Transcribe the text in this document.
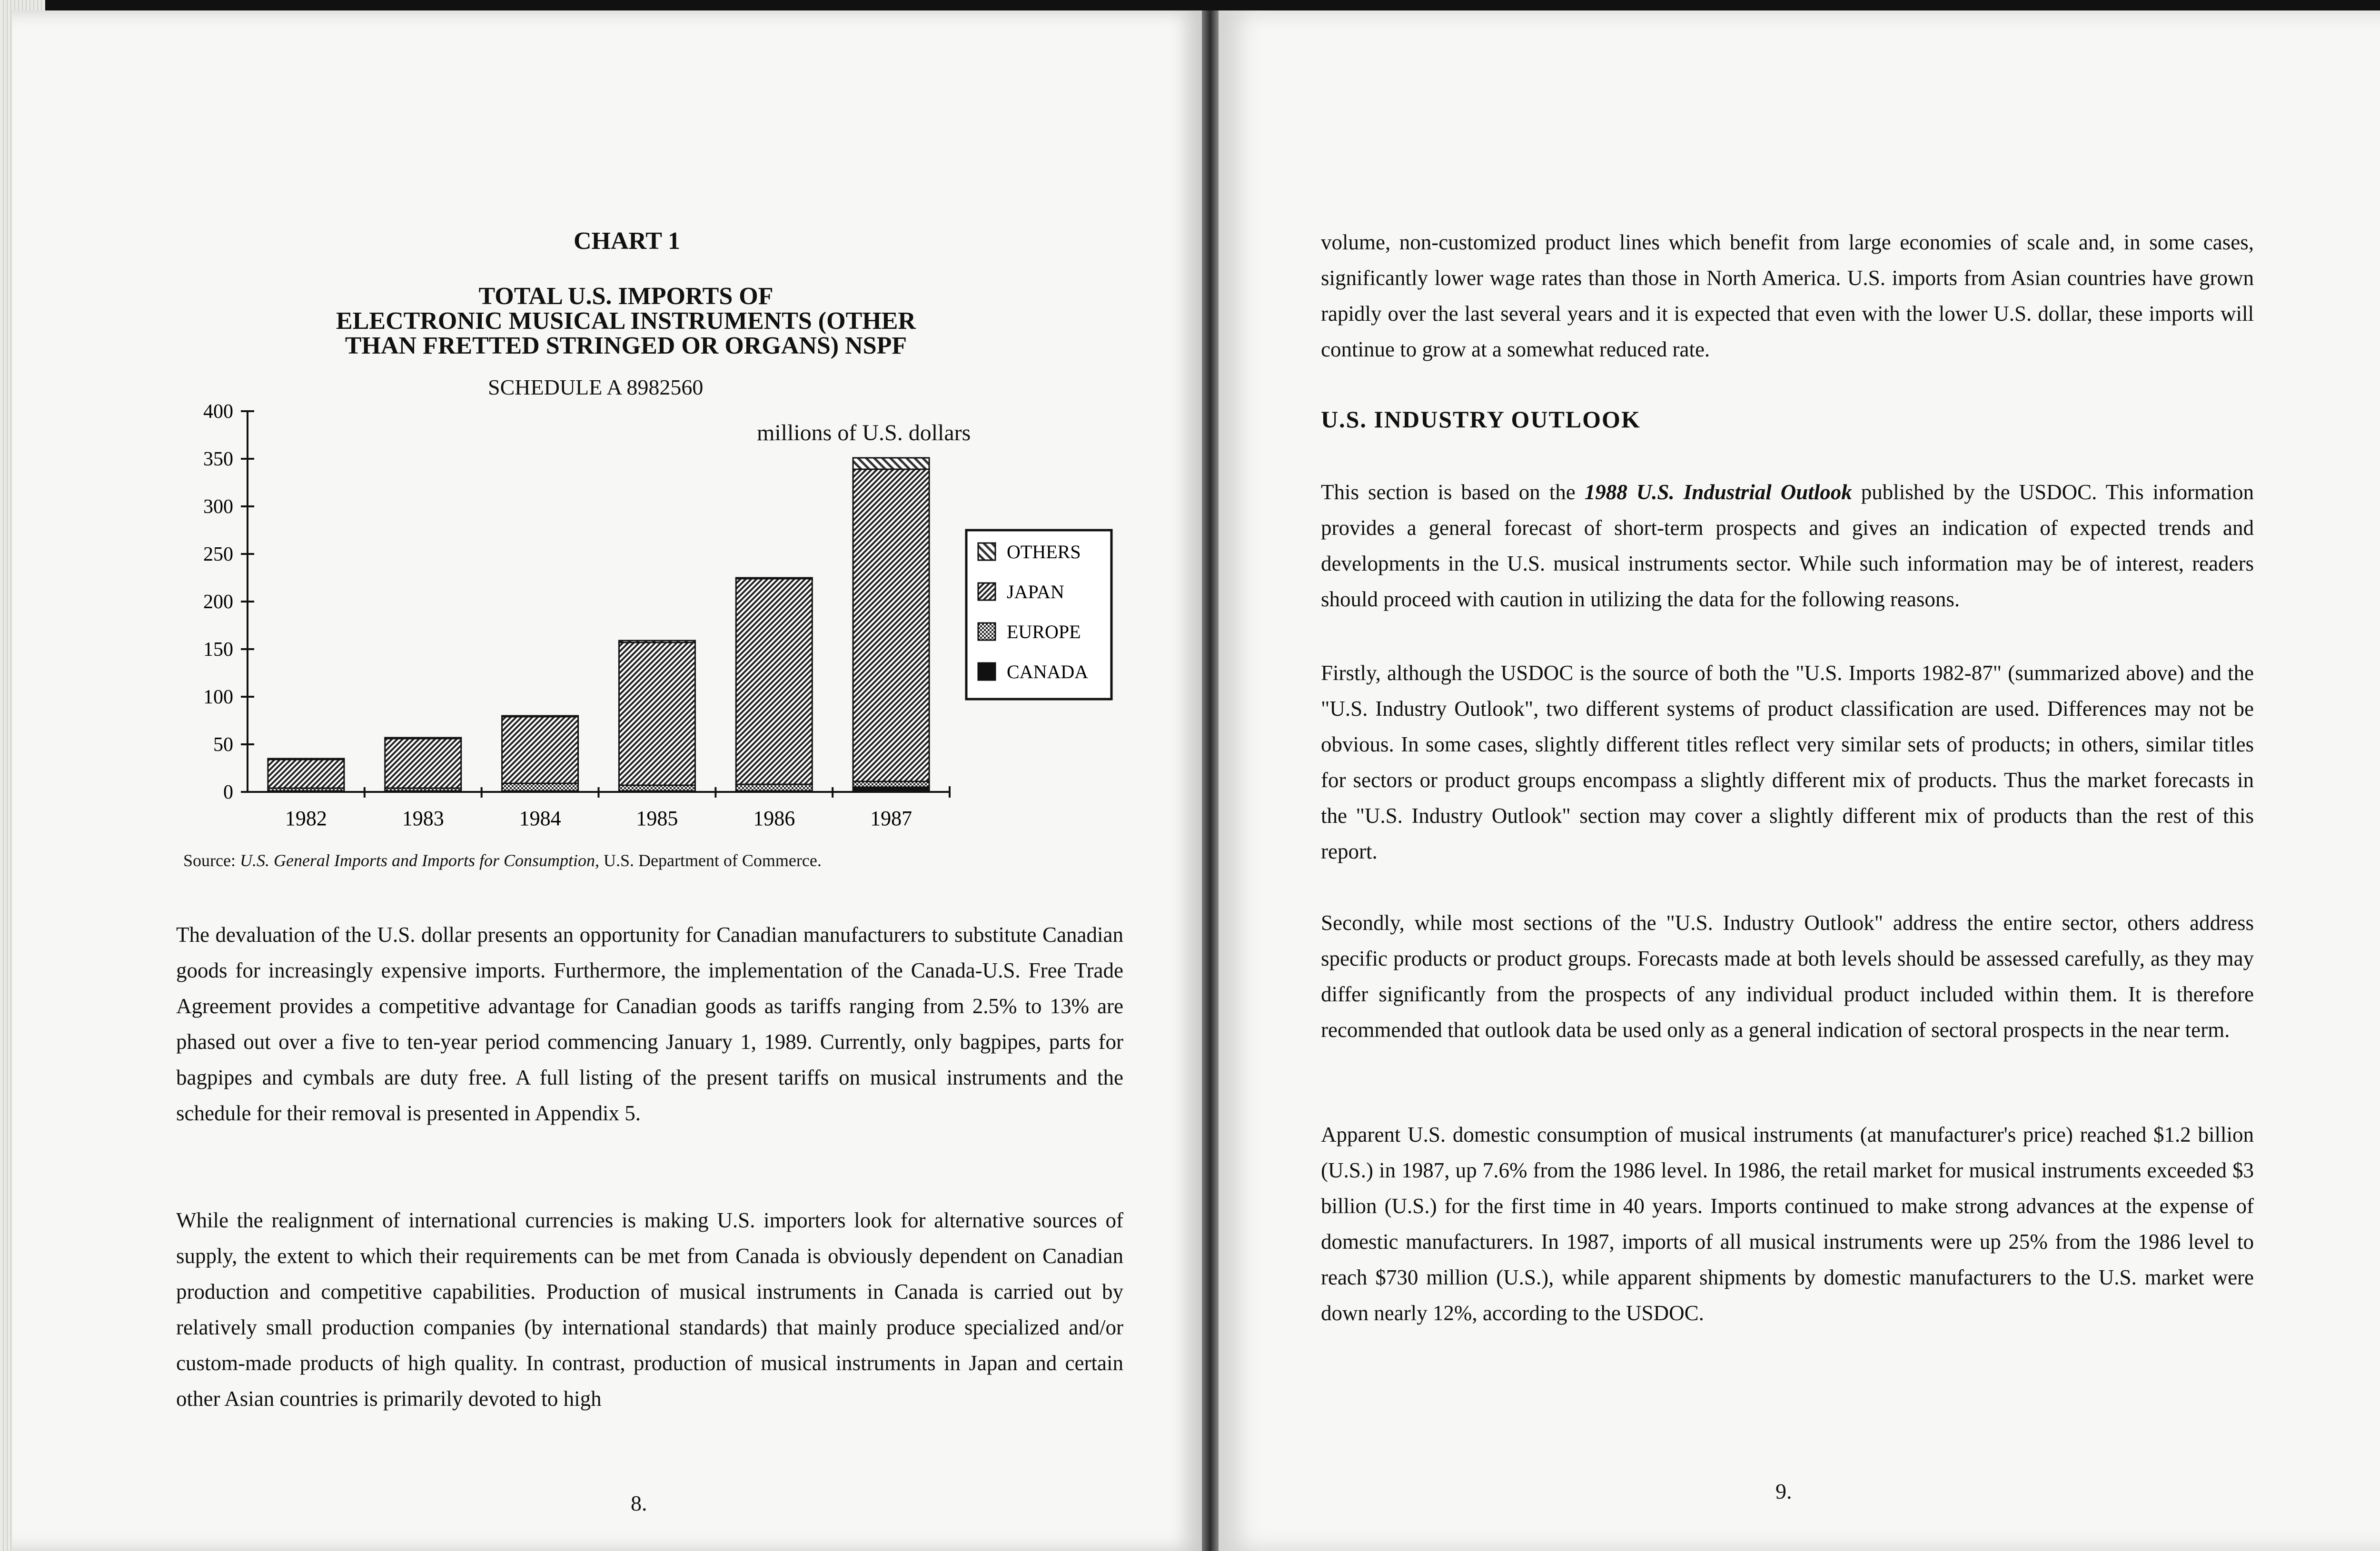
CHART 1
TOTAL U.S. IMPORTS OF
ELECTRONIC MUSICAL INSTRUMENTS (OTHER
THAN FRETTED STRINGED OR ORGANS) NSPF
SCHEDULE A 8982560
millions of U.S. dollars
0
50
100
150
200
250
300
350
400
1982	1983	1984	1985	1986	1987
OTHERS
JAPAN
EUROPE
CANADA
Source: U.S. General Imports and Imports for Consumption, U.S. Department of Commerce.

The devaluation of the U.S. dollar presents an opportunity for Canadian manufacturers to substitute Canadian goods for increasingly expensive imports. Furthermore, the implementation of the Canada-U.S. Free Trade Agreement provides a competitive advantage for Canadian goods as tariffs ranging from 2.5% to 13% are phased out over a five to ten-year period commencing January 1, 1989. Currently, only bagpipes, parts for bagpipes and cymbals are duty free. A full listing of the present tariffs on musical instruments and the schedule for their removal is presented in Appendix 5.

While the realignment of international currencies is making U.S. importers look for alternative sources of supply, the extent to which their requirements can be met from Canada is obviously dependent on Canadian production and competitive capabilities. Production of musical instruments in Canada is carried out by relatively small production companies (by international standards) that mainly produce specialized and/or custom-made products of high quality. In contrast, production of musical instruments in Japan and certain other Asian countries is primarily devoted to high

8.

volume, non-customized product lines which benefit from large economies of scale and, in some cases, significantly lower wage rates than those in North America. U.S. imports from Asian countries have grown rapidly over the last several years and it is expected that even with the lower U.S. dollar, these imports will continue to grow at a somewhat reduced rate.

U.S. INDUSTRY OUTLOOK

This section is based on the 1988 U.S. Industrial Outlook published by the USDOC. This information provides a general forecast of short-term prospects and gives an indication of expected trends and developments in the U.S. musical instruments sector. While such information may be of interest, readers should proceed with caution in utilizing the data for the following reasons.

Firstly, although the USDOC is the source of both the "U.S. Imports 1982-87" (summarized above) and the "U.S. Industry Outlook", two different systems of product classification are used. Differences may not be obvious. In some cases, slightly different titles reflect very similar sets of products; in others, similar titles for sectors or product groups encompass a slightly different mix of products. Thus the market forecasts in the "U.S. Industry Outlook" section may cover a slightly different mix of products than the rest of this report.

Secondly, while most sections of the "U.S. Industry Outlook" address the entire sector, others address specific products or product groups. Forecasts made at both levels should be assessed carefully, as they may differ significantly from the prospects of any individual product included within them. It is therefore recommended that outlook data be used only as a general indication of sectoral prospects in the near term.

Apparent U.S. domestic consumption of musical instruments (at manufacturer's price) reached $1.2 billion (U.S.) in 1987, up 7.6% from the 1986 level. In 1986, the retail market for musical instruments exceeded $3 billion (U.S.) for the first time in 40 years. Imports continued to make strong advances at the expense of domestic manufacturers. In 1987, imports of all musical instruments were up 25% from the 1986 level to reach $730 million (U.S.), while apparent shipments by domestic manufacturers to the U.S. market were down nearly 12%, according to the USDOC.

9.
